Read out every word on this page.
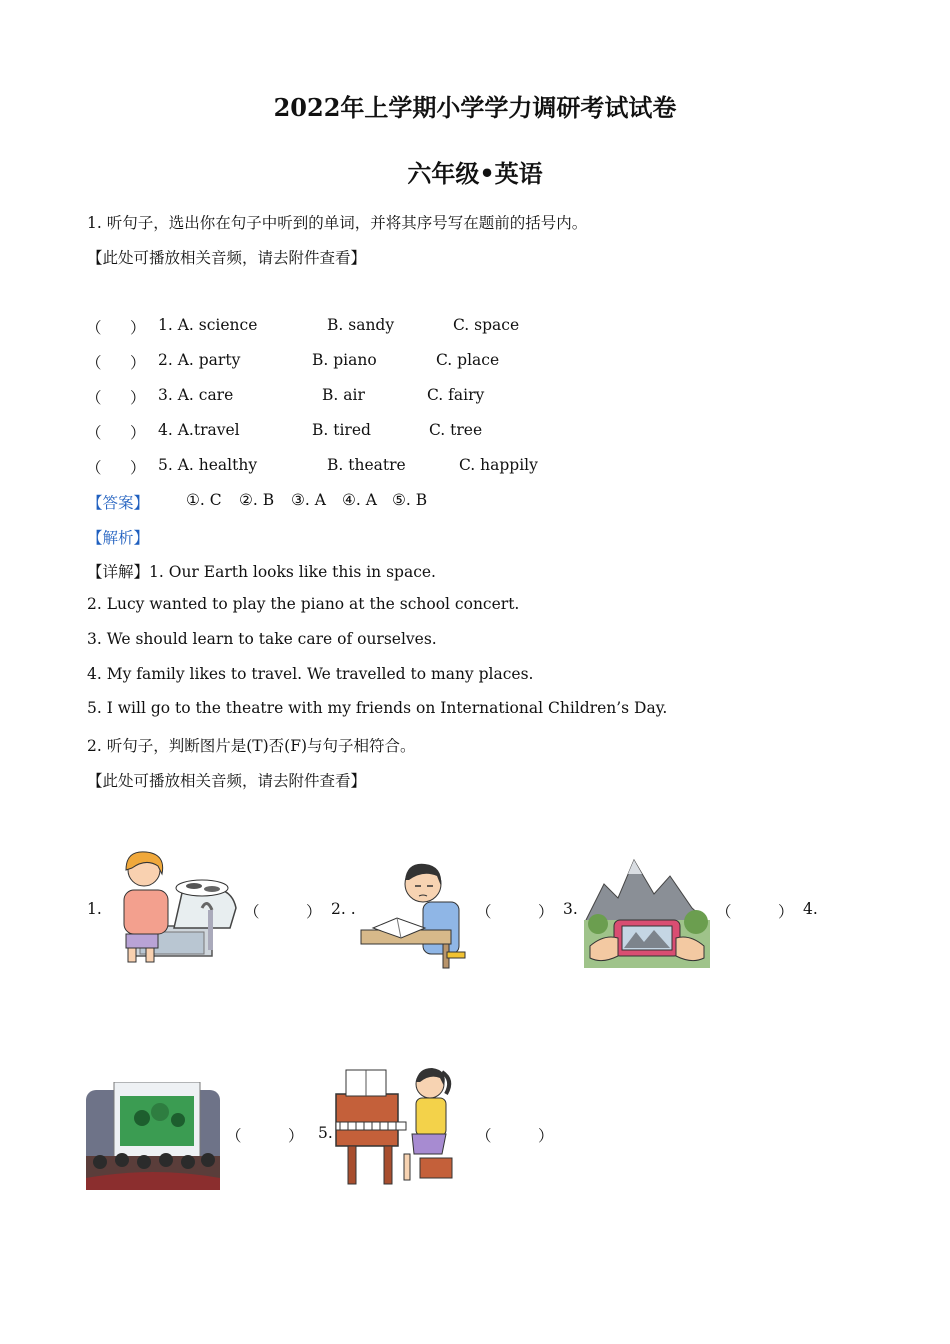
2022年上学期小学学力调研考试试卷
六年级•英语
1. 听句子，选出你在句子中听到的单词，并将其序号写在题前的括号内。
【此处可播放相关音频，请去附件查看】
（ ） 1. A. science	B. sandy	C. space
（ ） 2. A. party	B. piano	C. place
（ ） 3. A. care	B. air	C. fairy
（ ） 4. A.travel	B. tired	C. tree
（ ） 5. A. healthy	B. theatre	C. happily
【答案】 ①. C ②. B ③. A ④. A ⑤. B
【解析】
【详解】1. Our Earth looks like this in space.
2. Lucy wanted to play the piano at the school concert.
3. We should learn to take care of ourselves.
4. My family likes to travel. We travelled to many places.
5. I will go to the theatre with my friends on International Children’s Day.
2. 听句子，判断图片是(T)否(F)与句子相符合。
【此处可播放相关音频，请去附件查看】
1.	（	） 2. .	（	） 3.	（	） 4.
（	） 5.	（	）
